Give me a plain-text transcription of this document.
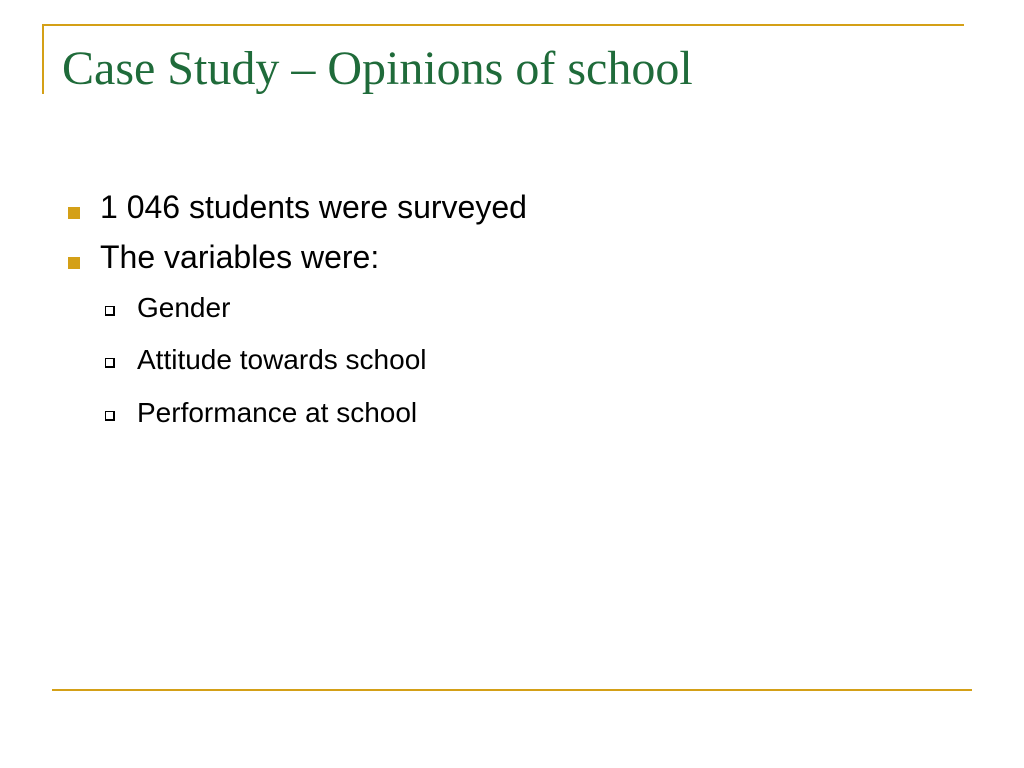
Case Study – Opinions of school
1 046 students were surveyed
The variables were:
Gender
Attitude towards school
Performance at school
